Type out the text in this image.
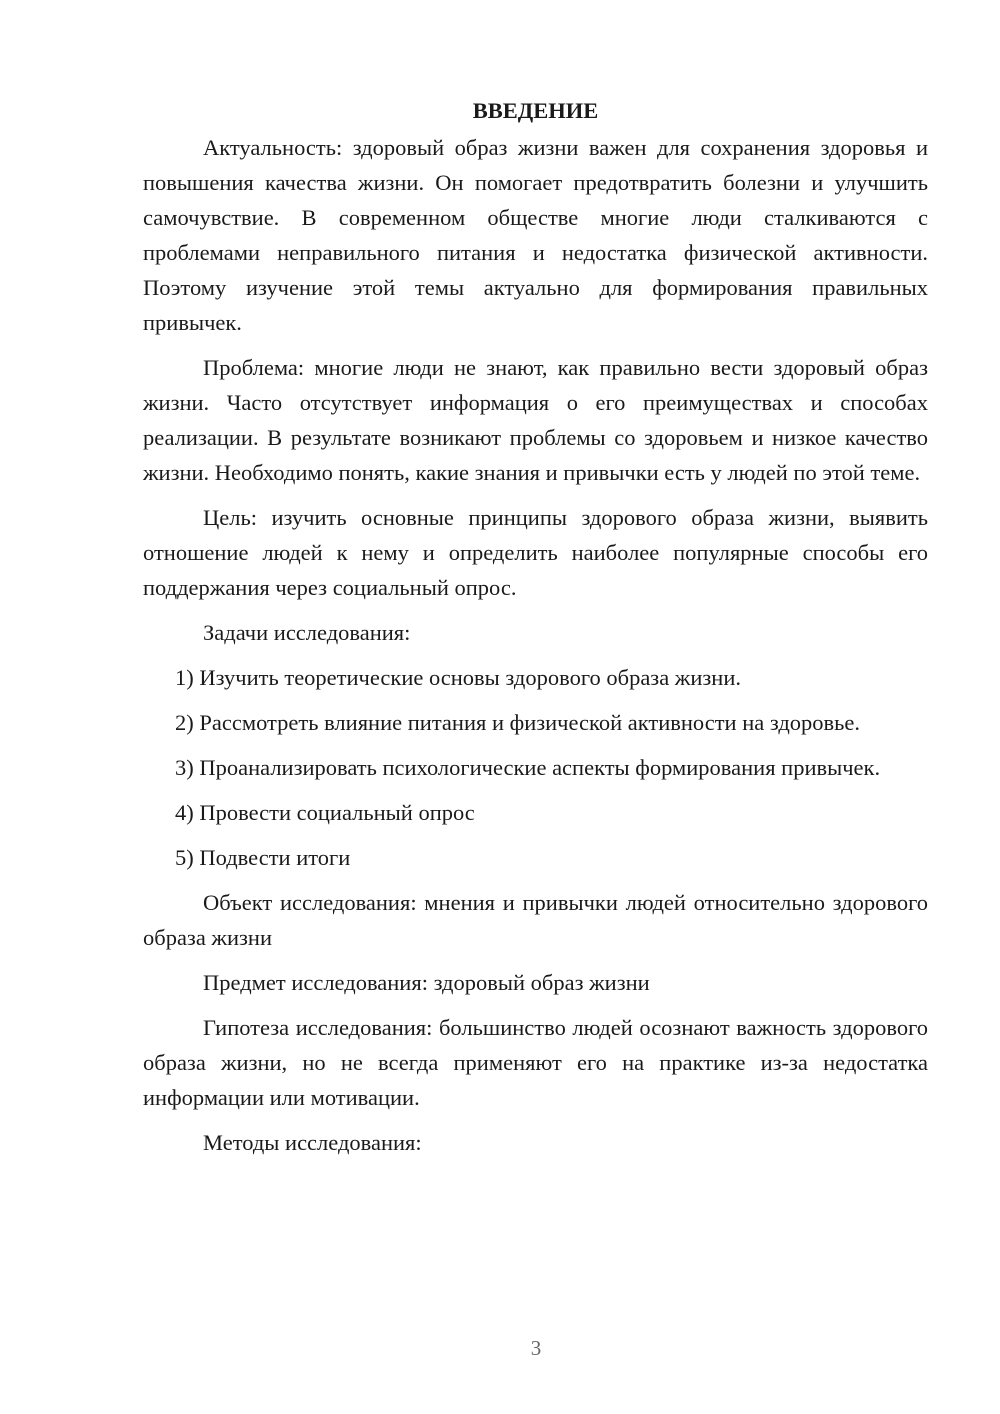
ВВЕДЕНИЕ

Актуальность: здоровый образ жизни важен для сохранения здоровья и повышения качества жизни. Он помогает предотвратить болезни и улучшить самочувствие. В современном обществе многие люди сталкиваются с проблемами неправильного питания и недостатка физической активности. Поэтому изучение этой темы актуально для формирования правильных привычек.

Проблема: многие люди не знают, как правильно вести здоровый образ жизни. Часто отсутствует информация о его преимуществах и способах реализации. В результате возникают проблемы со здоровьем и низкое качество жизни. Необходимо понять, какие знания и привычки есть у людей по этой теме.

Цель: изучить основные принципы здорового образа жизни, выявить отношение людей к нему и определить наиболее популярные способы его поддержания через социальный опрос.

Задачи исследования:

1) Изучить теоретические основы здорового образа жизни.

2) Рассмотреть влияние питания и физической активности на здоровье.

3) Проанализировать психологические аспекты формирования привычек.

4) Провести социальный опрос

5) Подвести итоги

Объект исследования: мнения и привычки людей относительно здорового образа жизни

Предмет исследования: здоровый образ жизни

Гипотеза исследования: большинство людей осознают важность здорового образа жизни, но не всегда применяют его на практике из-за недостатка информации или мотивации.

Методы исследования:

3
